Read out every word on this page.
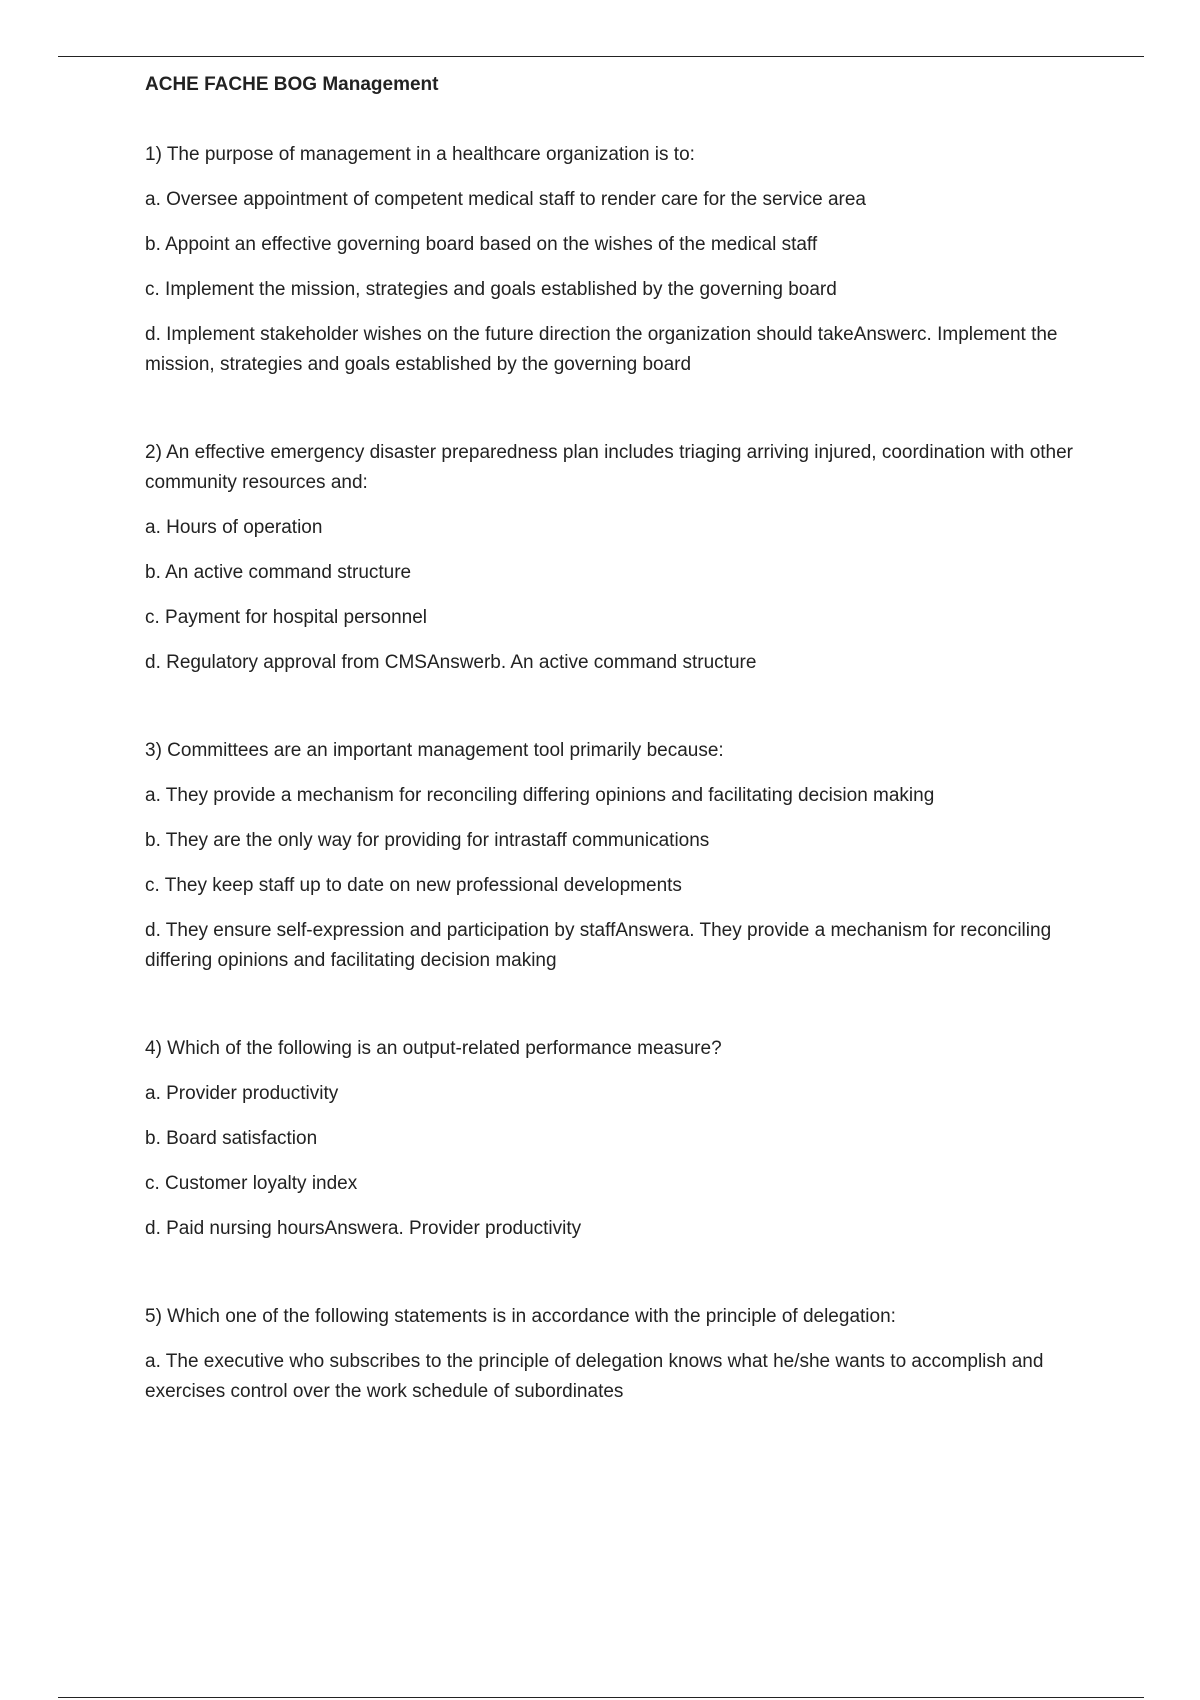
ACHE FACHE BOG Management

1) The purpose of management in a healthcare organization is to:

a. Oversee appointment of competent medical staff to render care for the service area

b. Appoint an effective governing board based on the wishes of the medical staff

c. Implement the mission, strategies and goals established by the governing board

d. Implement stakeholder wishes on the future direction the organization should takeAnswerc. Implement the mission, strategies and goals established by the governing board

2) An effective emergency disaster preparedness plan includes triaging arriving injured, coordination with other community resources and:

a. Hours of operation

b. An active command structure

c. Payment for hospital personnel

d. Regulatory approval from CMSAnswerb. An active command structure

3) Committees are an important management tool primarily because:

a. They provide a mechanism for reconciling differing opinions and facilitating decision making

b. They are the only way for providing for intrastaff communications

c. They keep staff up to date on new professional developments

d. They ensure self-expression and participation by staffAnswera. They provide a mechanism for reconciling differing opinions and facilitating decision making

4) Which of the following is an output-related performance measure?

a. Provider productivity

b. Board satisfaction

c. Customer loyalty index

d. Paid nursing hoursAnswera. Provider productivity

5) Which one of the following statements is in accordance with the principle of delegation:

a. The executive who subscribes to the principle of delegation knows what he/she wants to accomplish and exercises control over the work schedule of subordinates
